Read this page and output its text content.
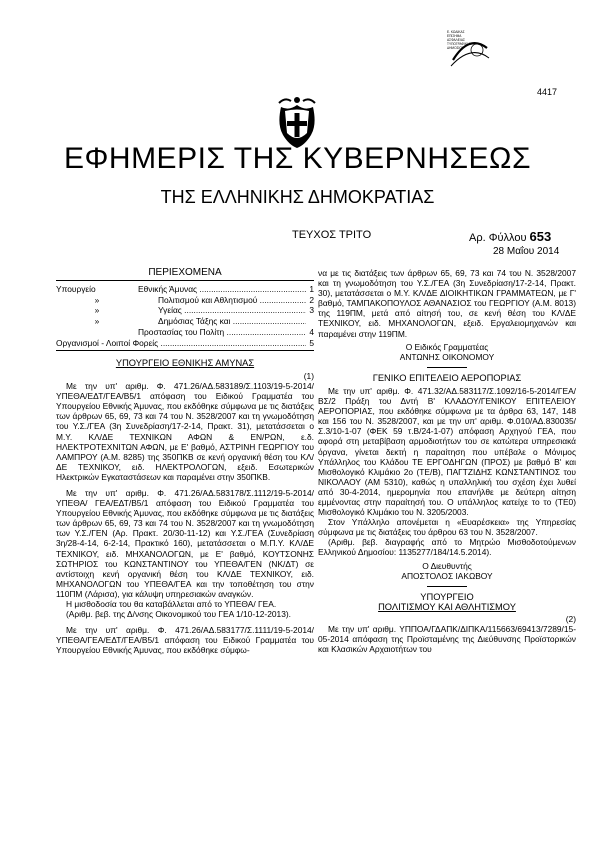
Ε. ΚΩΔΙΚΑΣ
ΕΠΙΣΗΜΑ
ΑΣΦΑΛΕΙΑΣ
ΤΥΠΟΓΡΑΦΙΚΗΣ
ΔΗΜΟΣΙΟΥ
4417
ΕΦΗΜΕΡΙΣ ΤΗΣ ΚΥΒΕΡΝΗΣΕΩΣ
ΤΗΣ ΕΛΛΗΝΙΚΗΣ ΔΗΜΟΚΡΑΤΙΑΣ
ΤΕΥΧΟΣ ΤΡΙΤΟ	Αρ. Φύλλου 653
28 Μαΐου 2014
ΠΕΡΙΕΧΟΜΕΝΑ
Υπουργείο	Εθνικής Άμυνας .....	1
»	Πολιτισμού και Αθλητισμού .....	2
»	Υγείας .....	3
»	Δημόσιας Τάξης και .....
Προστασίας του Πολίτη .....	4
Οργανισμοί - Λοιποί Φορείς .....	5
ΥΠΟΥΡΓΕΙΟ ΕΘΝΙΚΗΣ ΑΜΥΝΑΣ
(1)

Με την υπ' αριθμ. Φ. 471.26/ΑΔ.583189/Σ.1103/19-5-2014/ΥΠΕΘΑ/ΕΔΤ/ΓΕΑ/Β5/1 απόφαση του Ειδικού Γραμματέα του Υπουργείου Εθνικής Άμυνας, που εκδόθηκε σύμφωνα με τις διατάξεις των άρθρων 65, 69, 73 και 74 του Ν. 3528/2007 και τη γνωμοδότηση του Υ.Σ./ΓΕΑ (3η Συνεδρίαση/17-2-14, Πρακτ. 31), μετατάσσεται ο Μ.Υ. ΚΛ/ΔΕ ΤΕΧΝΙΚΩΝ ΑΦΩΝ & ΕΝ/ΡΩΝ, ε.δ. ΗΛΕΚΤΡΟΤΕΧΝΙΤΩΝ ΑΦΩΝ, με Ε' βαθμό, ΑΣΤΡΙΝΗ ΓΕΩΡΓΙΟΥ του ΛΑΜΠΡΟΥ (Α.Μ. 8285) της 350ΠΚΒ σε κενή οργανική θέση του ΚΛ/ΔΕ ΤΕΧΝΙΚΟΥ, ειδ. ΗΛΕΚΤΡΟΛΟΓΩΝ, εξειδ. Εσωτερικών Ηλεκτρικών Εγκαταστάσεων και παραμένει στην 350ΠΚΒ.

Με την υπ' αριθμ. Φ. 471.26/ΑΔ.583178/Σ.1112/19-5-2014/ΥΠΕΘΑ/ ΓΕΑ/ΕΔΤ/Β5/1 απόφαση του Ειδικού Γραμματέα του Υπουργείου Εθνικής Άμυνας, που εκδόθηκε σύμφωνα με τις διατάξεις των άρθρων 65, 69, 73 και 74 του Ν. 3528/2007 και τη γνωμοδότηση των Υ.Σ./ΓΕΝ (Αρ. Πρακτ. 20/30-11-12) και Υ.Σ./ΓΕΑ (Συνεδρίαση 3η/28-4-14, 6-2-14, Πρακτικό 160), μετατάσσεται ο Μ.Π.Υ. ΚΛ/ΔΕ ΤΕΧΝΙΚΟΥ, ειδ. ΜΗΧΑΝΟΛΟΓΩΝ, με Ε' βαθμό, ΚΟΥΤΣΟΝΗΣ ΣΩΤΗΡΙΟΣ του ΚΩΝΣΤΑΝΤΙΝΟΥ του ΥΠΕΘΑ/ΓΕΝ (ΝΚ/ΔΤ) σε αντίστοιχη κενή οργανική θέση του ΚΛ/ΔΕ ΤΕΧΝΙΚΟΥ, ειδ. ΜΗΧΑΝΟΛΟΓΩΝ του ΥΠΕΘΑ/ΓΕΑ και την τοποθέτηση του στην 110ΠΜ (Λάρισα), για κάλυψη υπηρεσιακών αναγκών.

Η μισθοδοσία του θα καταβάλλεται από το ΥΠΕΘΑ/ ΓΕΑ.

(Αριθμ. βεβ. της Δ/νσης Οικονομικού του ΓΕΑ 1/10-12-2013).

Με την υπ' αριθμ. Φ. 471.26/ΑΔ.583177/Σ.1111/19-5-2014/ΥΠΕΘΑ/ΓΕΑ/ΕΔΤ/ΓΕΑ/Β5/1 απόφαση του Ειδικού Γραμματέα του Υπουργείου Εθνικής Άμυνας, που εκδόθηκε σύμφω-

να με τις διατάξεις των άρθρων 65, 69, 73 και 74 του Ν. 3528/2007 και τη γνωμοδότηση του Υ.Σ./ΓΕΑ (3η Συνεδρίαση/17-2-14, Πρακτ. 30), μετατάσσεται ο Μ.Υ. ΚΛ/ΔΕ ΔΙΟΙΚΗΤΙΚΩΝ ΓΡΑΜΜΑΤΕΩΝ, με Γ' βαθμό, ΤΑΜΠΑΚΟΠΟΥΛΟΣ ΑΘΑΝΑΣΙΟΣ του ΓΕΩΡΓΙΟΥ (Α.Μ. 8013) της 119ΠΜ, μετά από αίτησή του, σε κενή θέση του ΚΛ/ΔΕ ΤΕΧΝΙΚΟΥ, ειδ. ΜΗΧΑΝΟΛΟΓΩΝ, εξειδ. Εργαλειομηχανών και παραμένει στην 119ΠΜ.

Ο Ειδικός Γραμματέας
ΑΝΤΩΝΗΣ ΟΙΚΟΝΟΜΟΥ
ΓΕΝΙΚΟ ΕΠΙΤΕΛΕΙΟ ΑΕΡΟΠΟΡΙΑΣ

Με την υπ' αριθμ. Φ. 471.32/ΑΔ.583117/Σ.1092/16-5-2014/ΓΕΑ/ΒΣ/2 Πράξη του Δντή Β' ΚΛΑΔΟΥ/ΓΕΝΙΚΟΥ ΕΠΙΤΕΛΕΙΟΥ ΑΕΡΟΠΟΡΙΑΣ, που εκδόθηκε σύμφωνα με τα άρθρα 63, 147, 148 και 156 του Ν. 3528/2007, και με την υπ' αριθμ. Φ.010/ΑΔ.830035/Σ.3/10-1-07 (ΦΕΚ 59 τ.Β/24-1-07) απόφαση Αρχηγού ΓΕΑ, που αφορά στη μεταβίβαση αρμοδιοτήτων του σε κατώτερα υπηρεσιακά όργανα, γίνεται δεκτή η παραίτηση που υπέβαλε ο Μόνιμος Υπάλληλος του Κλάδου ΤΕ ΕΡΓΟΔΗΓΩΝ (ΠΡΟΣ) με βαθμό Β' και Μισθολογικό Κλιμάκιο 2ο (ΤΕ/Β), ΠΑΓΤΖΙΔΗΣ ΚΩΝΣΤΑΝΤΙΝΟΣ του ΝΙΚΟΛΑΟΥ (ΑΜ 5310), καθώς η υπαλληλική του σχέση έχει λυθεί από 30-4-2014, ημερομηνία που επανήλθε με δεύτερη αίτηση εμμένοντας στην παραίτησή του. Ο υπάλληλος κατείχε το το (ΤΕ0) Μισθολογικό Κλιμάκιο του Ν. 3205/2003.

Στον Υπάλληλο απονέμεται η «Ευαρέσκεια» της Υπηρεσίας σύμφωνα με τις διατάξεις του άρθρου 63 του Ν. 3528/2007.

(Αριθμ. βεβ. διαγραφής από το Μητρώο Μισθοδοτούμενων Ελληνικού Δημοσίου: 1135277/184/14.5.2014).

Ο Διευθυντής
ΑΠΟΣΤΟΛΟΣ ΙΑΚΩΒΟΥ
ΥΠΟΥΡΓΕΙΟ
ΠΟΛΙΤΙΣΜΟΥ ΚΑΙ ΑΘΛΗΤΙΣΜΟΥ
(2)

Με την υπ' αριθμ. ΥΠΠΟΑ/ΓΔΑΠΚ/ΔΙΠΚΑ/115663/69413/7289/15-05-2014 απόφαση της Προϊσταμένης της Διεύθυνσης Προϊστορικών και Κλασικών Αρχαιοτήτων του
